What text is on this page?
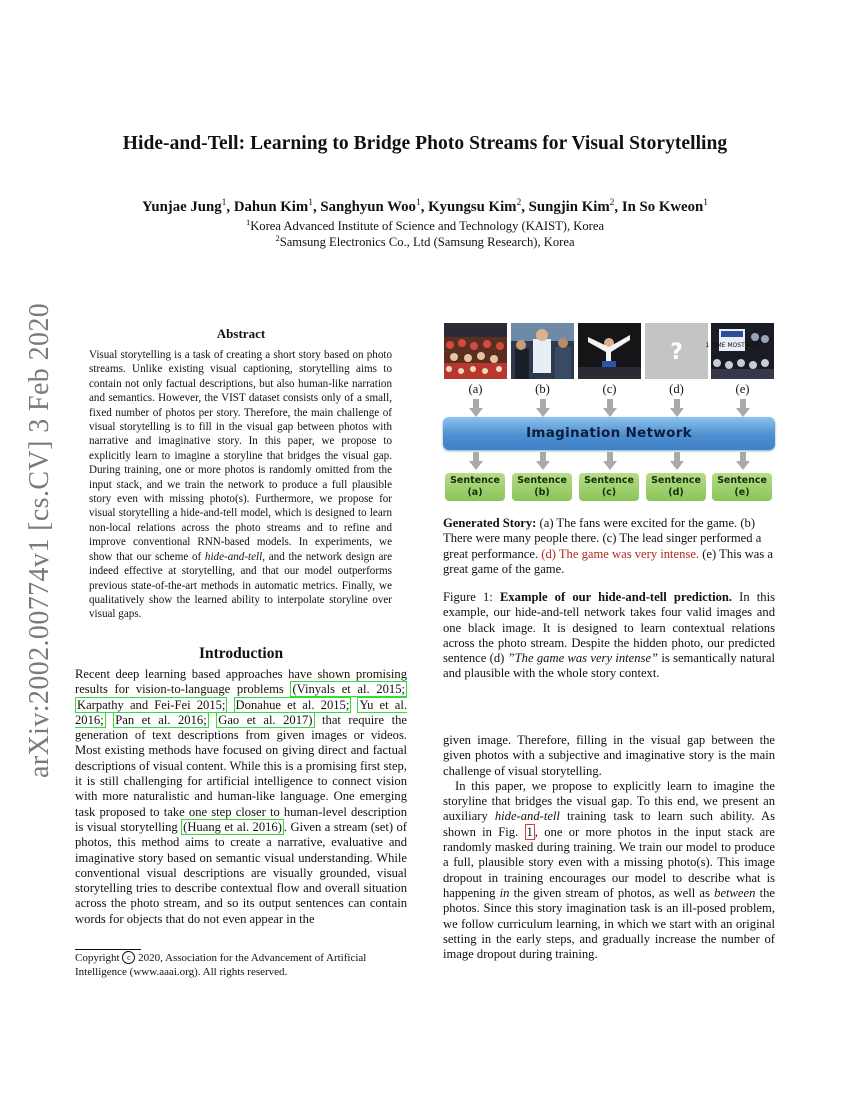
Hide-and-Tell: Learning to Bridge Photo Streams for Visual Storytelling
Yunjae Jung$^1$, Dahun Kim$^1$, Sanghyun Woo$^1$, Kyungsu Kim$^2$, Sungjin Kim$^2$, In So Kweon$^1$
$^1$Korea Advanced Institute of Science and Technology (KAIST), Korea
$^2$Samsung Electronics Co., Ltd (Samsung Research), Korea
arXiv:2002.00774v1 [cs.CV] 3 Feb 2020	Abstract
Visual storytelling is a task of creating a short story based on photo streams. Unlike existing visual captioning, storytelling aims to contain not only factual descriptions, but also human-like narration and semantics. However, the VIST dataset consists only of a small, fixed number of photos per story. Therefore, the main challenge of visual storytelling is to fill in the visual gap between photos with narrative and imaginative story. In this paper, we propose to explicitly learn to imagine a storyline that bridges the visual gap. During training, one or more photos is randomly omitted from the input stack, and we train the network to produce a full plausible story even with missing photo(s). Furthermore, we propose for visual storytelling a hide-and-tell model, which is designed to learn non-local relations across the photo streams and to refine and improve conventional RNN-based models. In experiments, we show that our scheme of hide-and-tell, and the network design are indeed effective at storytelling, and that our model outperforms previous state-of-the-art methods in automatic metrics. Finally, we qualitatively show the learned ability to interpolate storyline over visual gaps.
Introduction

Recent deep learning based approaches have shown promising results for vision-to-language problems (Vinyals et al. 2015; Karpathy and Fei-Fei 2015; Donahue et al. 2015; Yu et al. 2016; Pan et al. 2016; Gao et al. 2017) that require the generation of text descriptions from given images or videos. Most existing methods have focused on giving direct and factual descriptions of visual content. While this is a promising first step, it is still challenging for artificial intelligence to connect vision with more naturalistic and human-like language. One emerging task proposed to take one step closer to human-level description is visual storytelling (Huang et al. 2016) . Given a stream (set) of photos, this method aims to create a narrative, evaluative and imaginative story based on semantic visual understanding. While conventional visual descriptions are visually grounded, visual storytelling tries to describe contextual flow and overall situation across the photo stream, and so its output sentences can contain words for objects that do not even appear in the

Copyright c 2020, Association for the Advancement of Artificial Intelligence (www.aaai.org). All rights reserved.
?	1 TIME MOST NYC
(a)	(b)	(c)	(d)	(e)
Imagination Network
Sentence
(a)
Sentence
(b)
Sentence
(c)
Sentence
(d)
Sentence
(e)
Generated Story: (a) The fans were excited for the game. (b) There were many people there. (c) The lead singer performed a great performance. (d) The game was very intense. (e) This was a great game of the game.
Figure 1: Example of our hide-and-tell prediction. In this example, our hide-and-tell network takes four valid images and one black image. It is designed to learn contextual relations across the photo stream. Despite the hidden photo, our predicted sentence (d) ”The game was very intense” is semantically natural and plausible with the whole story context.

given image. Therefore, filling in the visual gap between the given photos with a subjective and imaginative story is the main challenge of visual storytelling.

In this paper, we propose to explicitly learn to imagine the storyline that bridges the visual gap. To this end, we present an auxiliary hide-and-tell training task to learn such ability. As shown in Fig. 1 , one or more photos in the input stack are randomly masked during training. We train our model to produce a full, plausible story even with a missing photo(s). This image dropout in training encourages our model to describe what is happening in the given stream of photos, as well as between the photos. Since this story imagination task is an ill-posed problem, we follow curriculum learning, in which we start with an original setting in the early steps, and gradually increase the number of image dropout during training.
